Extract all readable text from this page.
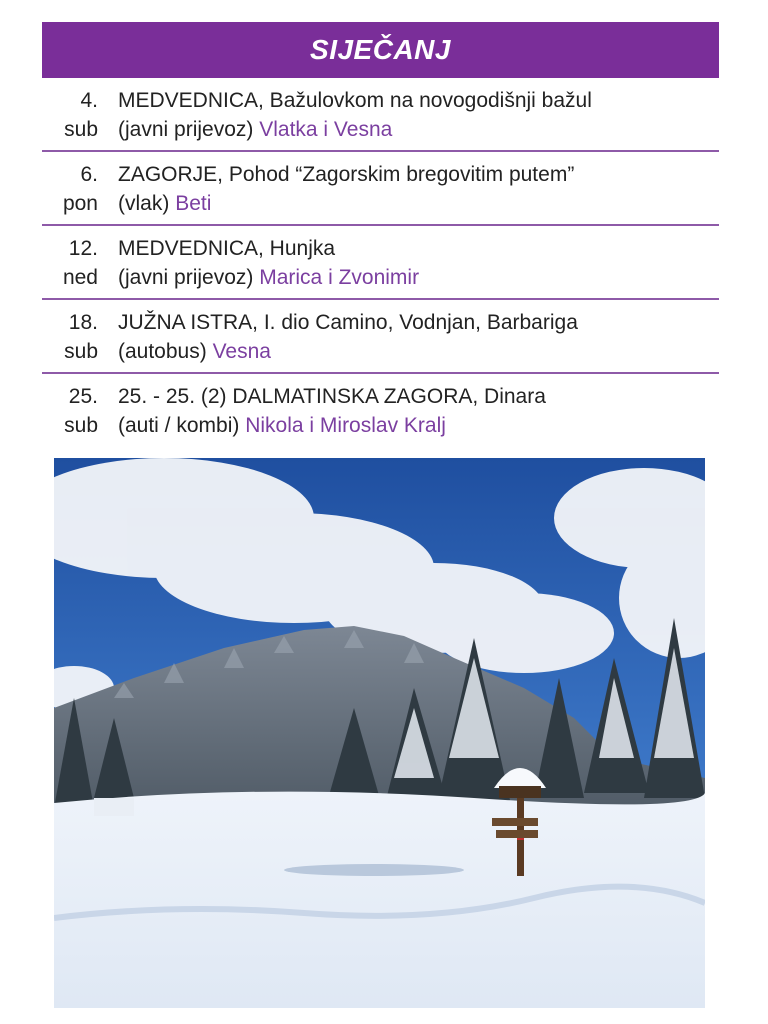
SIJEČANJ
4.
sub
MEDVEDNICA, Bažulovkom na novogodišnji bažul
(javni prijevoz) Vlatka i Vesna
6.
pon
ZAGORJE, Pohod “Zagorskim bregovitim putem”
(vlak) Beti
12.
ned
MEDVEDNICA, Hunjka
(javni prijevoz) Marica i Zvonimir
18.
sub
JUŽNA ISTRA, I. dio Camino, Vodnjan, Barbariga
(autobus) Vesna
25.
sub
25. - 25. (2) DALMATINSKA ZAGORA, Dinara
(auti / kombi) Nikola i Miroslav Kralj
